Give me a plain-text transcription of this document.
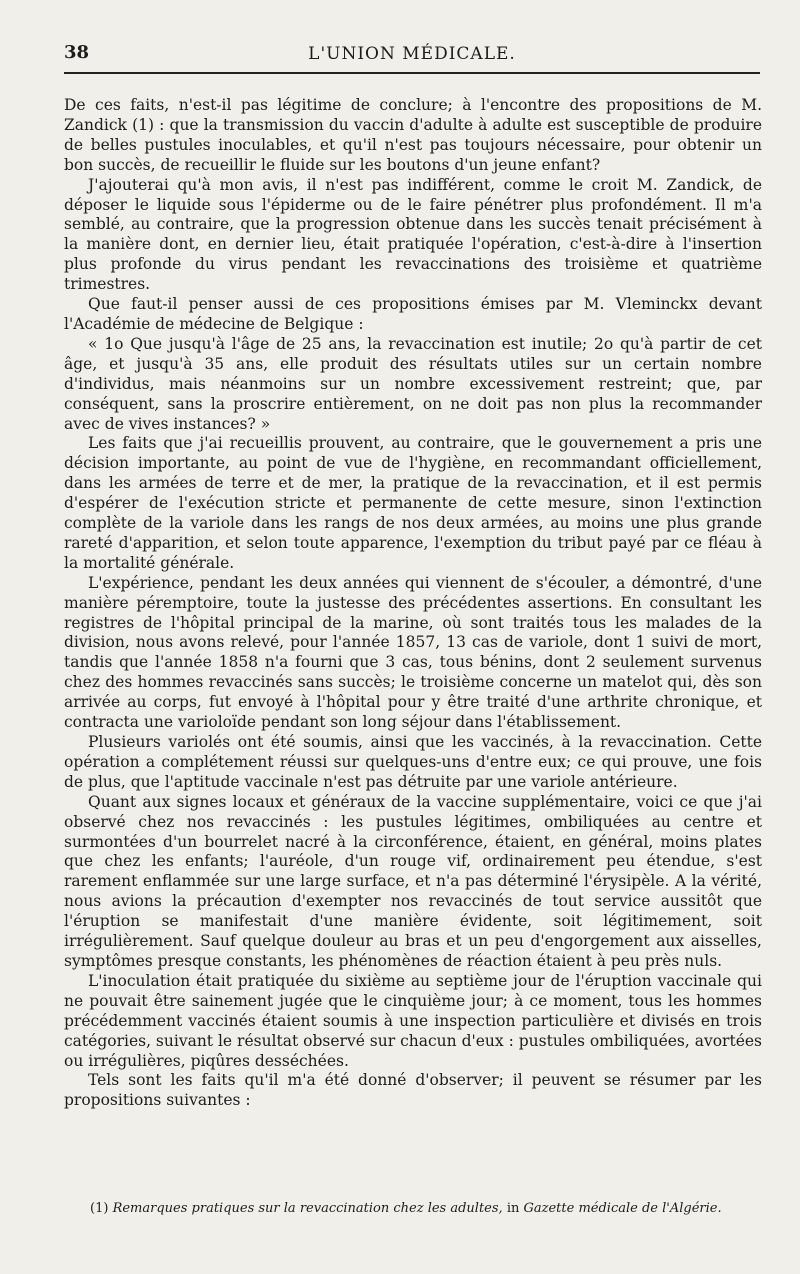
38	L'UNION MÉDICALE.

De ces faits, n'est-il pas légitime de conclure; à l'encontre des propositions de M. Zandick (1) : que la transmission du vaccin d'adulte à adulte est susceptible de produire de belles pustules inoculables, et qu'il n'est pas toujours nécessaire, pour obtenir un bon succès, de recueillir le fluide sur les boutons d'un jeune enfant?

J'ajouterai qu'à mon avis, il n'est pas indifférent, comme le croit M. Zandick, de déposer le liquide sous l'épiderme ou de le faire pénétrer plus profondément. Il m'a semblé, au contraire, que la progression obtenue dans les succès tenait précisément à la manière dont, en dernier lieu, était pratiquée l'opération, c'est-à-dire à l'insertion plus profonde du virus pendant les revaccinations des troisième et quatrième trimestres.

Que faut-il penser aussi de ces propositions émises par M. Vleminckx devant l'Académie de médecine de Belgique :

« 1o Que jusqu'à l'âge de 25 ans, la revaccination est inutile; 2o qu'à partir de cet âge, et jusqu'à 35 ans, elle produit des résultats utiles sur un certain nombre d'individus, mais néanmoins sur un nombre excessivement restreint; que, par conséquent, sans la proscrire entièrement, on ne doit pas non plus la recommander avec de vives instances? »

Les faits que j'ai recueillis prouvent, au contraire, que le gouvernement a pris une décision importante, au point de vue de l'hygiène, en recommandant officiellement, dans les armées de terre et de mer, la pratique de la revaccination, et il est permis d'espérer de l'exécution stricte et permanente de cette mesure, sinon l'extinction complète de la variole dans les rangs de nos deux armées, au moins une plus grande rareté d'apparition, et selon toute apparence, l'exemption du tribut payé par ce fléau à la mortalité générale.

L'expérience, pendant les deux années qui viennent de s'écouler, a démontré, d'une manière péremptoire, toute la justesse des précédentes assertions. En consultant les registres de l'hôpital principal de la marine, où sont traités tous les malades de la division, nous avons relevé, pour l'année 1857, 13 cas de variole, dont 1 suivi de mort, tandis que l'année 1858 n'a fourni que 3 cas, tous bénins, dont 2 seulement survenus chez des hommes revaccinés sans succès; le troisième concerne un matelot qui, dès son arrivée au corps, fut envoyé à l'hôpital pour y être traité d'une arthrite chronique, et contracta une varioloïde pendant son long séjour dans l'établissement.

Plusieurs variolés ont été soumis, ainsi que les vaccinés, à la revaccination. Cette opération a complétement réussi sur quelques-uns d'entre eux; ce qui prouve, une fois de plus, que l'aptitude vaccinale n'est pas détruite par une variole antérieure.

Quant aux signes locaux et généraux de la vaccine supplémentaire, voici ce que j'ai observé chez nos revaccinés : les pustules légitimes, ombiliquées au centre et surmontées d'un bourrelet nacré à la circonférence, étaient, en général, moins plates que chez les enfants; l'auréole, d'un rouge vif, ordinairement peu étendue, s'est rarement enflammée sur une large surface, et n'a pas déterminé l'érysipèle. A la vérité, nous avions la précaution d'exempter nos revaccinés de tout service aussitôt que l'éruption se manifestait d'une manière évidente, soit légitimement, soit irrégulièrement. Sauf quelque douleur au bras et un peu d'engorgement aux aisselles, symptômes presque constants, les phénomènes de réaction étaient à peu près nuls.

L'inoculation était pratiquée du sixième au septième jour de l'éruption vaccinale qui ne pouvait être sainement jugée que le cinquième jour; à ce moment, tous les hommes précédemment vaccinés étaient soumis à une inspection particulière et divisés en trois catégories, suivant le résultat observé sur chacun d'eux : pustules ombiliquées, avortées ou irrégulières, piqûres desséchées.

Tels sont les faits qu'il m'a été donné d'observer; il peuvent se résumer par les propositions suivantes :

(1) Remarques pratiques sur la revaccination chez les adultes, in Gazette médicale de l'Algérie.
